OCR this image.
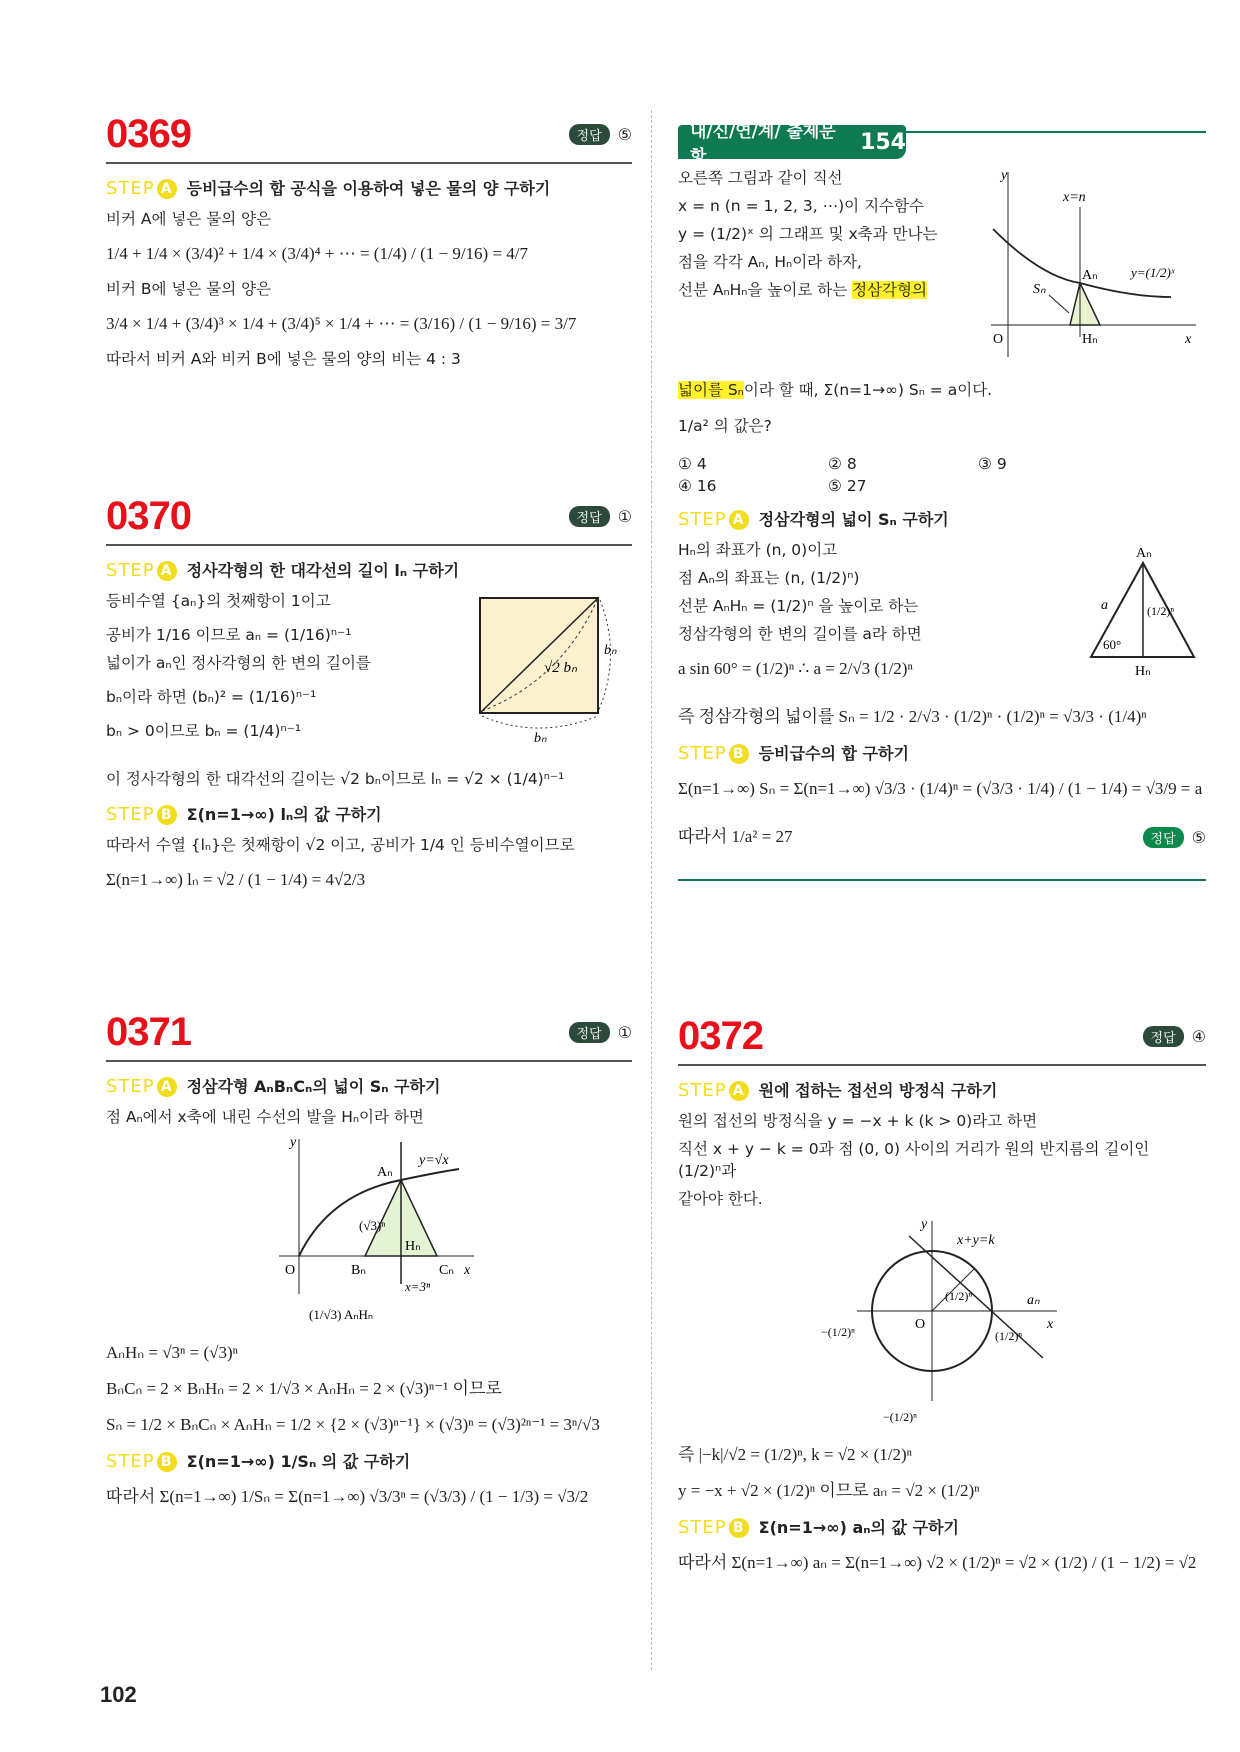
0369	정답	⑤
STEP A 등비급수의 합 공식을 이용하여 넣은 물의 양 구하기
비커 A에 넣은 물의 양은
1/4 + 1/4 × (3/4)² + 1/4 × (3/4)⁴ + ⋯ = (1/4) / (1 − 9/16) = 4/7
비커 B에 넣은 물의 양은
3/4 × 1/4 + (3/4)³ × 1/4 + (3/4)⁵ × 1/4 + ⋯ = (3/16) / (1 − 9/16) = 3/7
따라서 비커 A와 비커 B에 넣은 물의 양의 비는 4 : 3
0370	정답	①
STEP A 정사각형의 한 대각선의 길이 lₙ 구하기
√2 bₙ
bₙ
bₙ
등비수열 {aₙ}의 첫째항이 1이고
공비가 1/16 이므로 aₙ = (1/16)ⁿ⁻¹
넓이가 aₙ인 정사각형의 한 변의 길이를
bₙ이라 하면 (bₙ)² = (1/16)ⁿ⁻¹
bₙ > 0이므로 bₙ = (1/4)ⁿ⁻¹
이 정사각형의 한 대각선의 길이는 √2 bₙ이므로 lₙ = √2 × (1/4)ⁿ⁻¹
STEP B Σ(n=1→∞) lₙ의 값 구하기
따라서 수열 {lₙ}은 첫째항이 √2 이고, 공비가 1/4 인 등비수열이므로
Σ(n=1→∞) lₙ = √2 / (1 − 1/4) = 4√2/3
0371	정답	①
STEP A 정삼각형 AₙBₙCₙ의 넓이 Sₙ 구하기
점 Aₙ에서 x축에 내린 수선의 발을 Hₙ이라 하면
y
x
O
y=√x
Aₙ
Bₙ	Cₙ
Hₙ
(√3)ⁿ
x=3ⁿ
(1/√3) AₙHₙ
AₙHₙ = √3ⁿ = (√3)ⁿ
BₙCₙ = 2 × BₙHₙ = 2 × 1/√3 × AₙHₙ = 2 × (√3)ⁿ⁻¹ 이므로
Sₙ = 1/2 × BₙCₙ × AₙHₙ = 1/2 × {2 × (√3)ⁿ⁻¹} × (√3)ⁿ = (√3)²ⁿ⁻¹ = 3ⁿ/√3
STEP B Σ(n=1→∞) 1/Sₙ 의 값 구하기
따라서 Σ(n=1→∞) 1/Sₙ = Σ(n=1→∞) √3/3ⁿ = (√3/3) / (1 − 1/3) = √3/2
102
내/신/연/계/ 출제문항
154
y
x
O
x=n
y=(1/2)ˣ
Aₙ
Hₙ
Sₙ
오른쪽 그림과 같이 직선
x = n (n = 1, 2, 3, ⋯)이 지수함수
y = (1/2)ˣ 의 그래프 및 x축과 만나는
점을 각각 Aₙ, Hₙ이라 하자,
선분 AₙHₙ을 높이로 하는 정삼각형의
넓이를 Sₙ이라 할 때, Σ(n=1→∞) Sₙ = a이다.
1/a² 의 값은?
① 4	② 8	③ 9
④ 16	⑤ 27
STEP A 정삼각형의 넓이 Sₙ 구하기
Aₙ
Hₙ
a
60°
(1/2)ⁿ
Hₙ의 좌표가 (n, 0)이고
점 Aₙ의 좌표는 (n, (1/2)ⁿ)
선분 AₙHₙ = (1/2)ⁿ 을 높이로 하는
정삼각형의 한 변의 길이를 a라 하면
a sin 60° = (1/2)ⁿ ∴ a = 2/√3 (1/2)ⁿ
즉 정삼각형의 넓이를 Sₙ = 1/2 · 2/√3 · (1/2)ⁿ · (1/2)ⁿ = √3/3 · (1/4)ⁿ
STEP B 등비급수의 합 구하기
Σ(n=1→∞) Sₙ = Σ(n=1→∞) √3/3 · (1/4)ⁿ = (√3/3 · 1/4) / (1 − 1/4) = √3/9 = a
따라서 1/a² = 27	정답	⑤
0372	정답	④
STEP A 원에 접하는 접선의 방정식 구하기
원의 접선의 방정식을 y = −x + k (k > 0)라고 하면
직선 x + y − k = 0과 점 (0, 0) 사이의 거리가 원의 반지름의 길이인 (1/2)ⁿ과
같아야 한다.
y
x
O
x+y=k
(1/2)ⁿ
(1/2)ⁿ
−(1/2)ⁿ
−(1/2)ⁿ
aₙ
즉 |−k|/√2 = (1/2)ⁿ, k = √2 × (1/2)ⁿ
y = −x + √2 × (1/2)ⁿ 이므로 aₙ = √2 × (1/2)ⁿ
STEP B Σ(n=1→∞) aₙ의 값 구하기
따라서 Σ(n=1→∞) aₙ = Σ(n=1→∞) √2 × (1/2)ⁿ = √2 × (1/2) / (1 − 1/2) = √2
